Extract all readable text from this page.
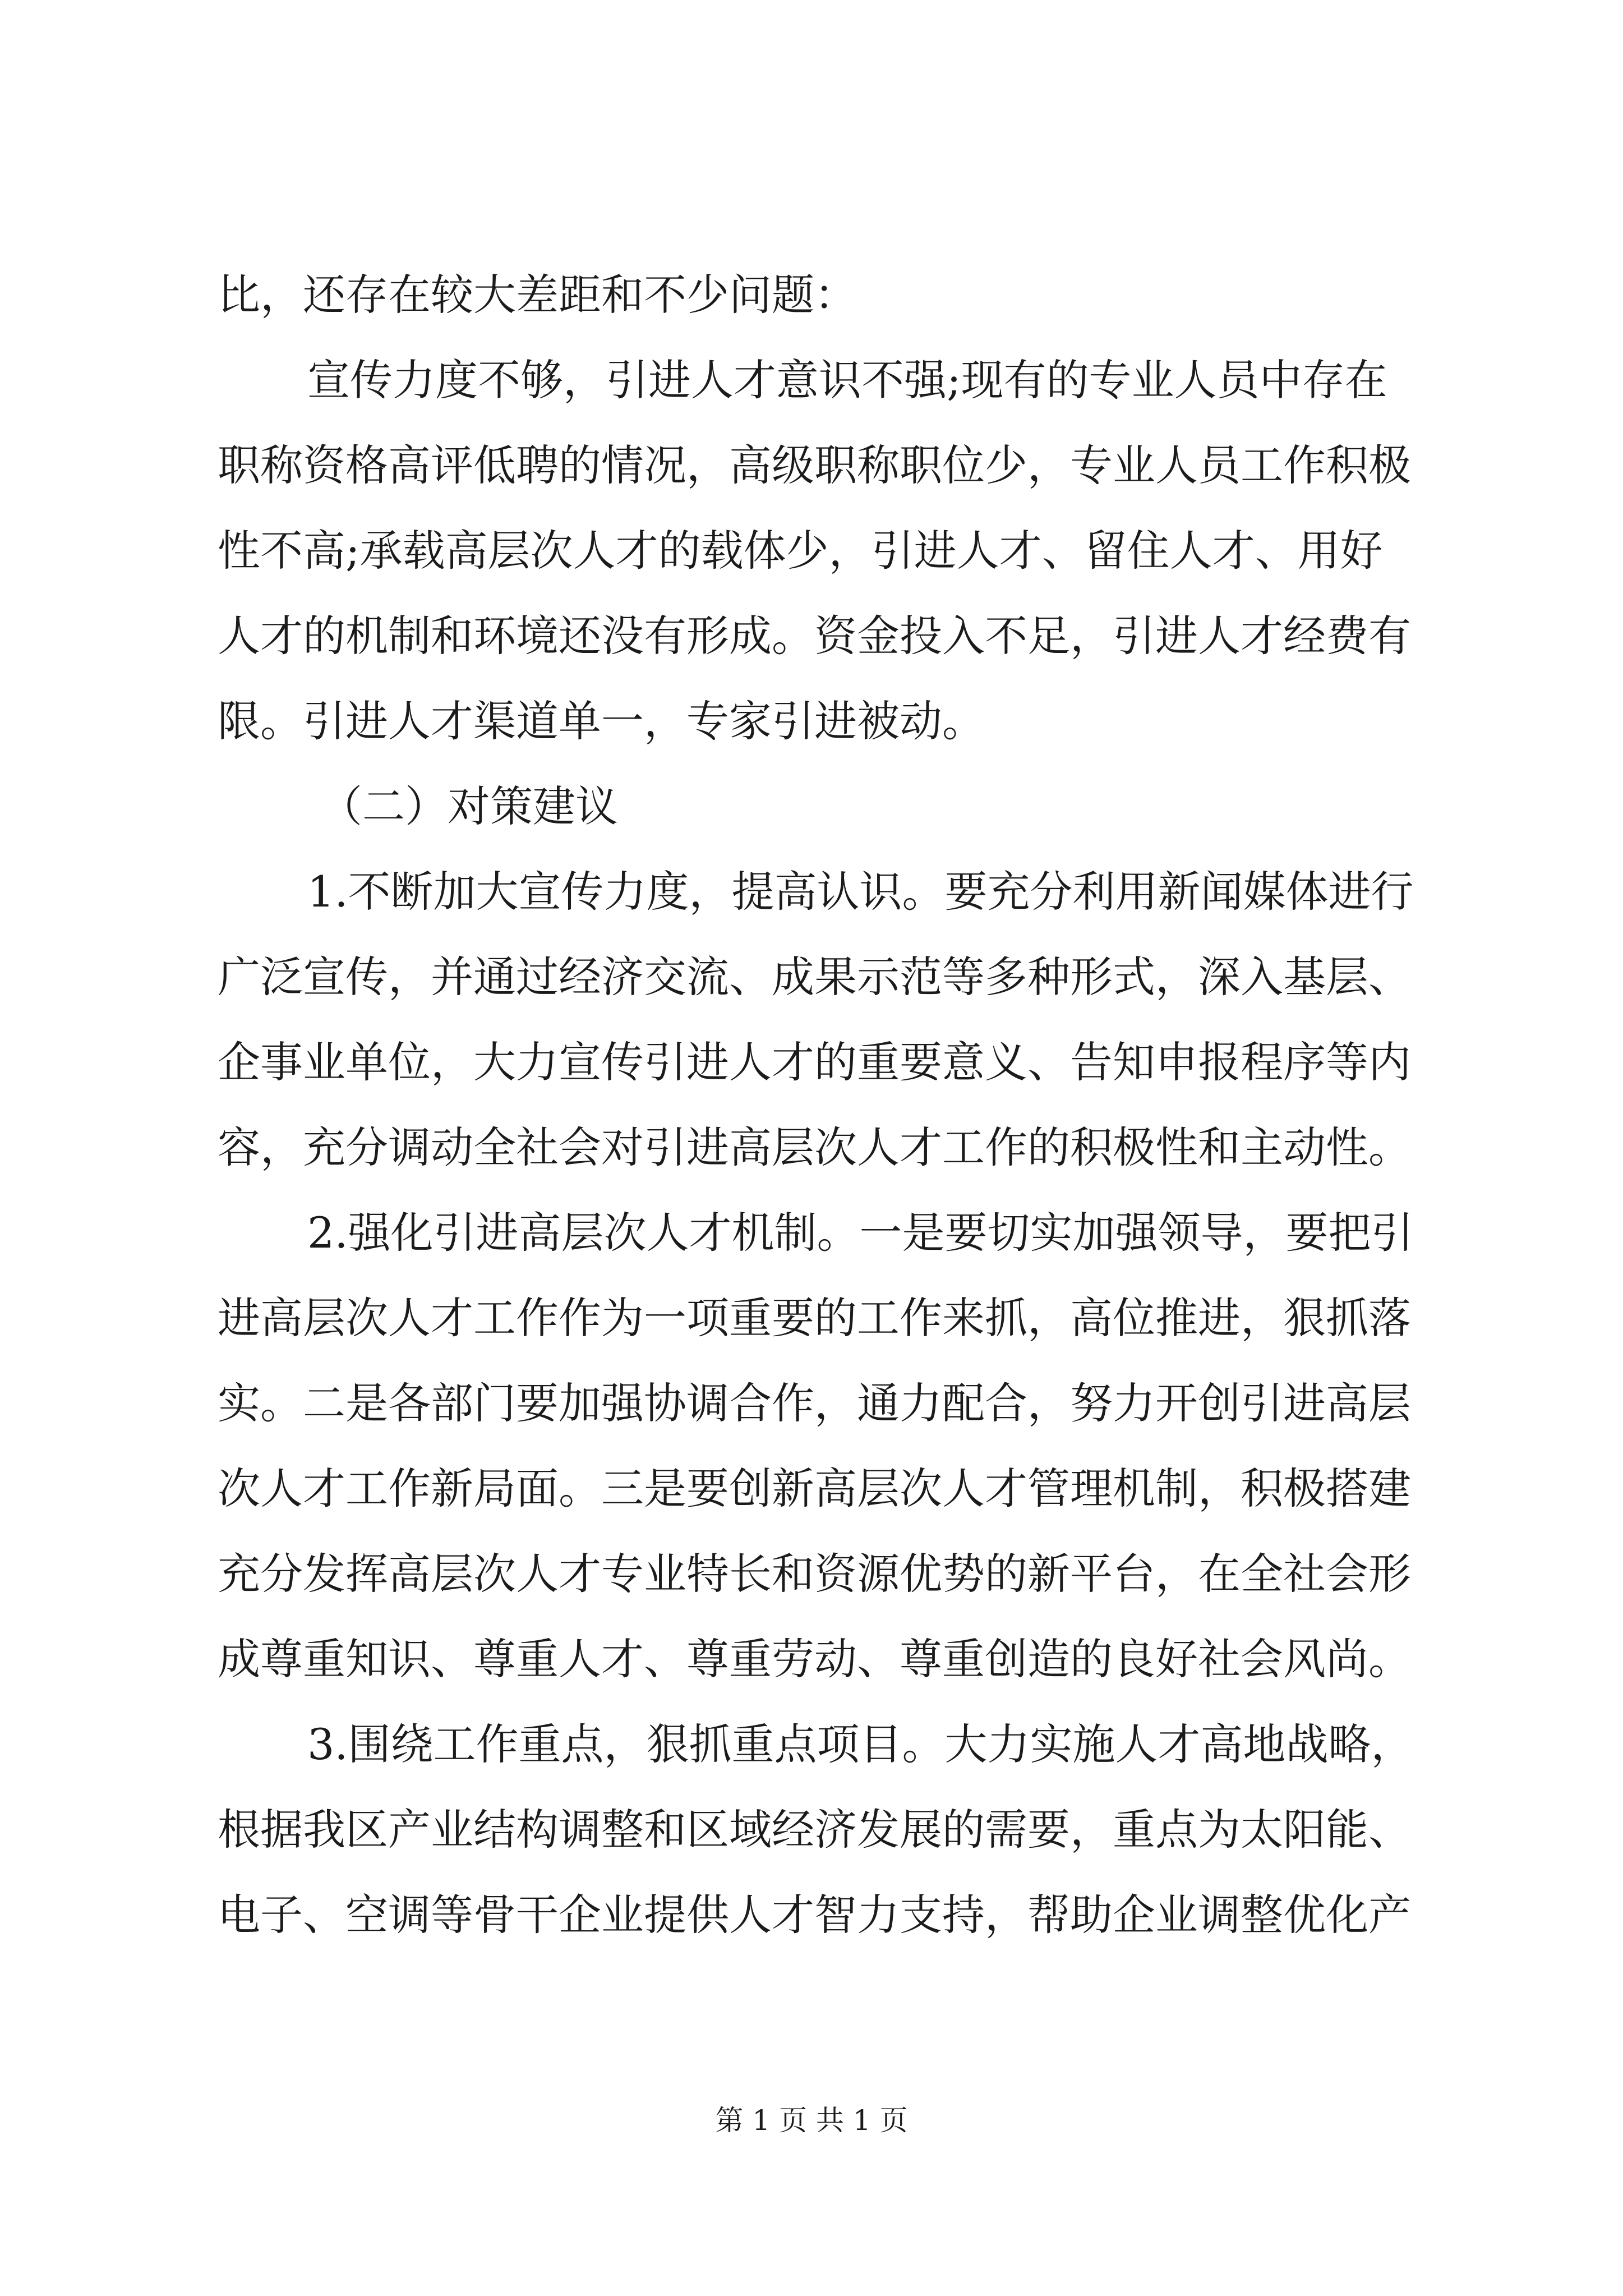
比，还存在较大差距和不少问题：
宣传力度不够，引进人才意识不强;现有的专业人员中存在
职称资格高评低聘的情况，高级职称职位少，专业人员工作积极
性不高;承载高层次人才的载体少，引进人才、留住人才、用好
人才的机制和环境还没有形成。资金投入不足，引进人才经费有
限。引进人才渠道单一，专家引进被动。
（二）对策建议
1.不断加大宣传力度，提高认识。要充分利用新闻媒体进行
广泛宣传，并通过经济交流、成果示范等多种形式，深入基层、
企事业单位，大力宣传引进人才的重要意义、告知申报程序等内
容，充分调动全社会对引进高层次人才工作的积极性和主动性。
2.强化引进高层次人才机制。一是要切实加强领导，要把引
进高层次人才工作作为一项重要的工作来抓，高位推进，狠抓落
实。二是各部门要加强协调合作，通力配合，努力开创引进高层
次人才工作新局面。三是要创新高层次人才管理机制，积极搭建
充分发挥高层次人才专业特长和资源优势的新平台，在全社会形
成尊重知识、尊重人才、尊重劳动、尊重创造的良好社会风尚。
3.围绕工作重点，狠抓重点项目。大力实施人才高地战略，
根据我区产业结构调整和区域经济发展的需要，重点为太阳能、
电子、空调等骨干企业提供人才智力支持，帮助企业调整优化产
第 1 页 共 1 页
